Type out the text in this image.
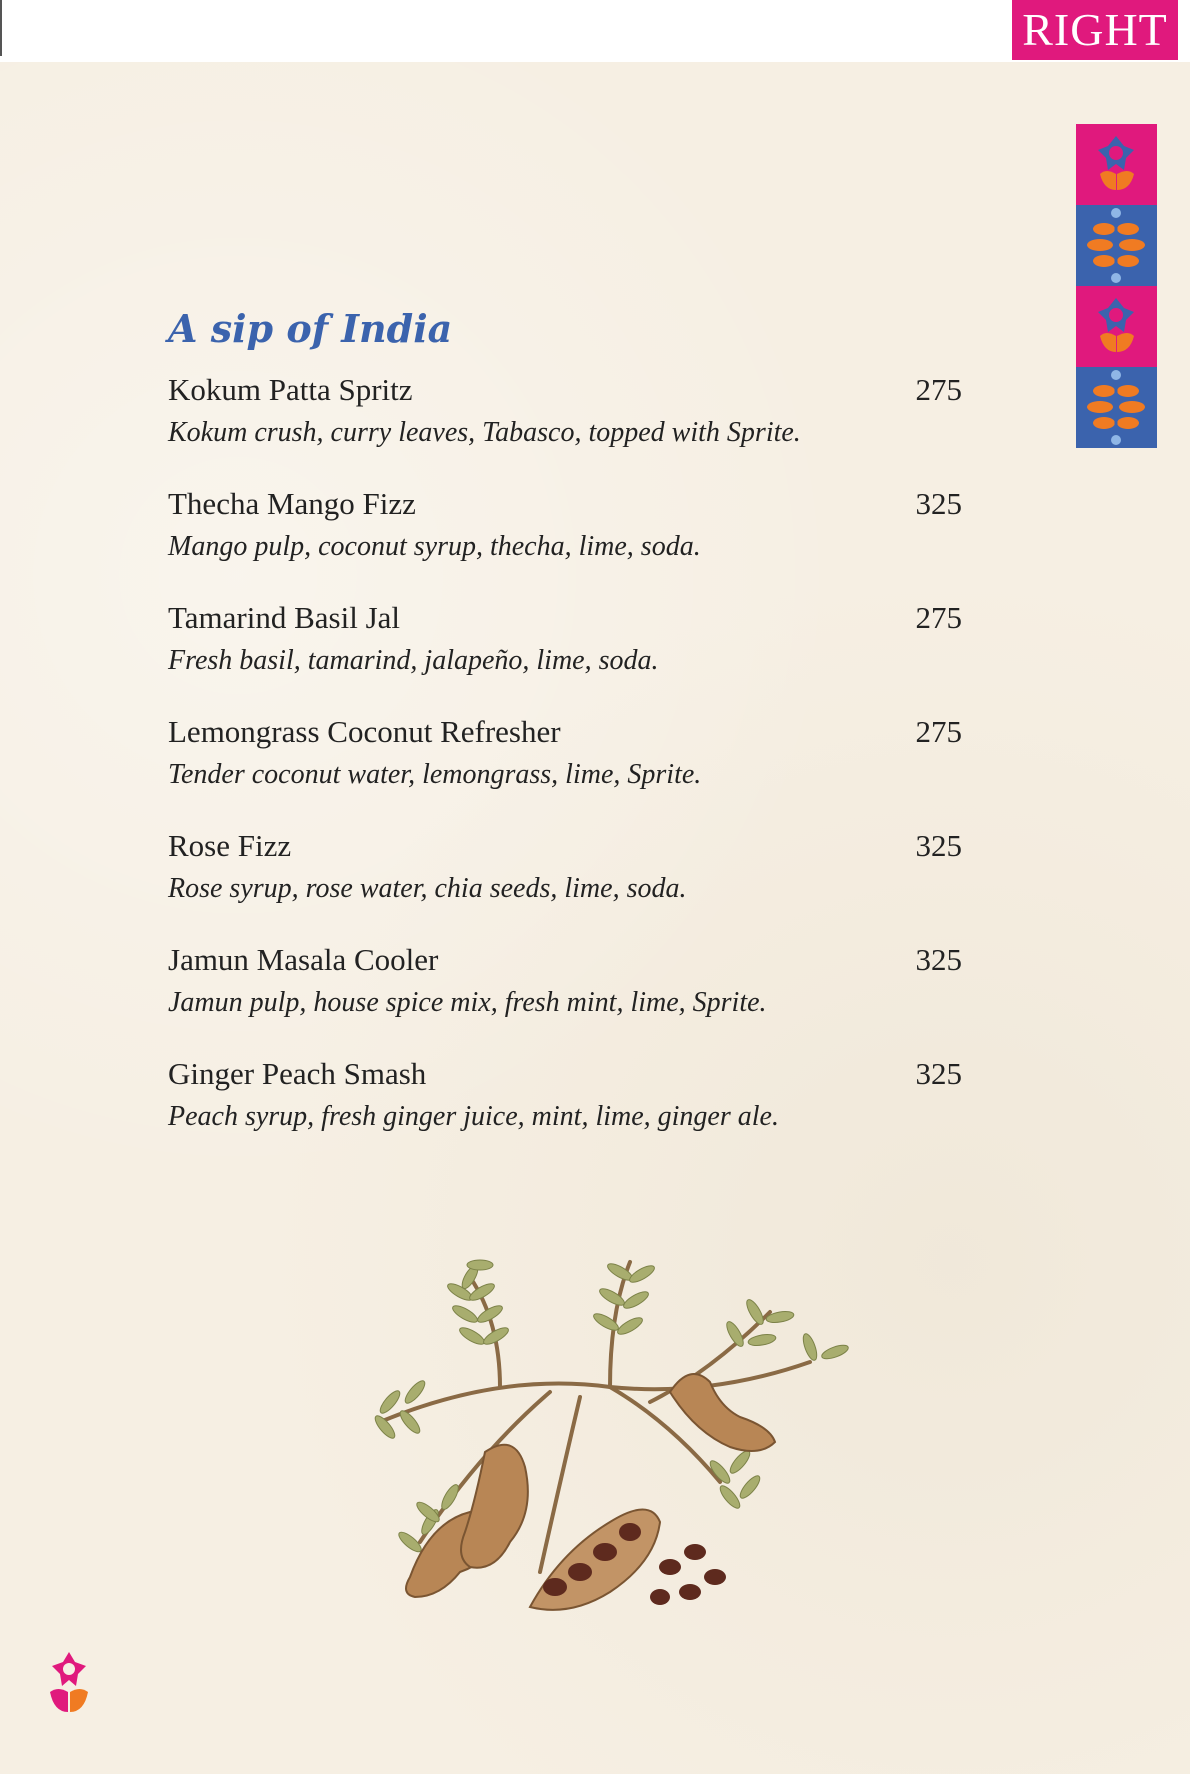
RIGHT
A sip of India
Kokum Patta Spritz	275
Kokum crush, curry leaves, Tabasco, topped with Sprite.
Thecha Mango Fizz	325
Mango pulp, coconut syrup, thecha, lime, soda.
Tamarind Basil Jal	275
Fresh basil, tamarind, jalapeño, lime, soda.
Lemongrass Coconut Refresher	275
Tender coconut water, lemongrass, lime, Sprite.
Rose Fizz	325
Rose syrup, rose water, chia seeds, lime, soda.
Jamun Masala Cooler	325
Jamun pulp, house spice mix, fresh mint, lime, Sprite.
Ginger Peach Smash	325
Peach syrup, fresh ginger juice, mint, lime, ginger ale.
